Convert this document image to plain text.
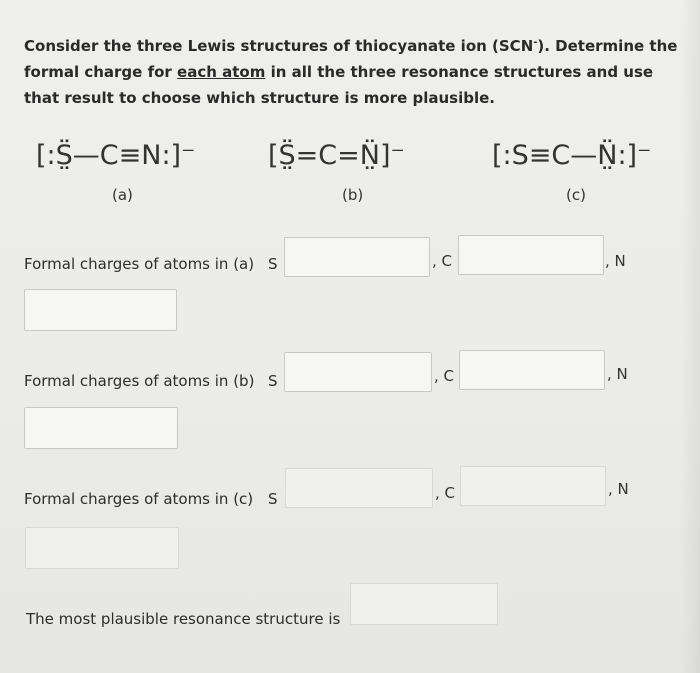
Consider the three Lewis structures of thiocyanate ion (SCN-). Determine the formal charge for each atom in all the three resonance structures and use that result to choose which structure is more plausible.
[:S̤̈—C≡N:]⁻
(a)
[S̤̈=C=N̤̈]⁻
(b)
[:S≡C—N̤̈:]⁻
(c)
Formal charges of atoms in (a) S	, C	, N
Formal charges of atoms in (b) S	, C	, N
Formal charges of atoms in (c) S	, C	, N
The most plausible resonance structure is
